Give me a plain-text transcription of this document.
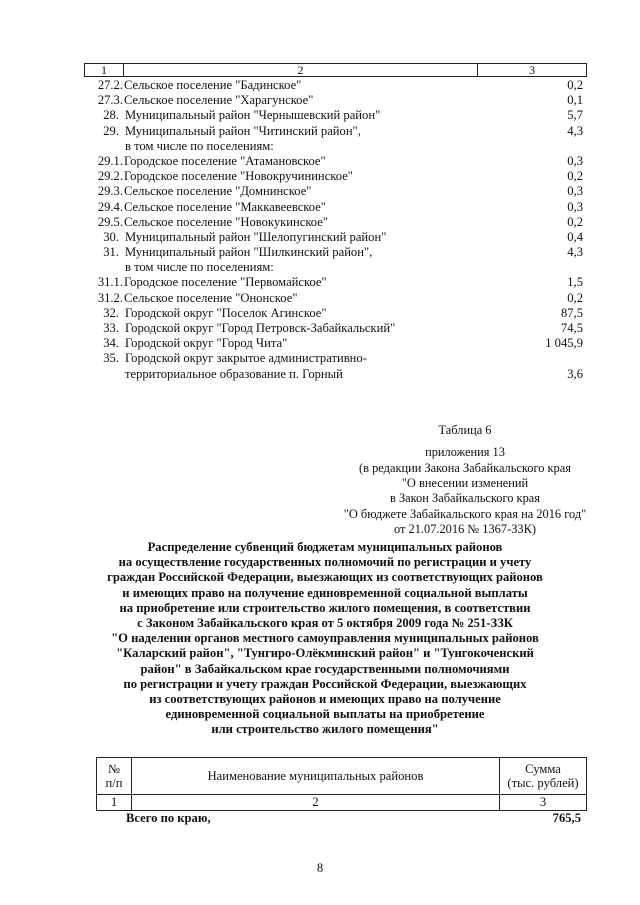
1	2	3
27.2. Сельское поселение "Бадинское"	0,2
27.3. Сельское поселение "Харагунское"	0,1
28. Муниципальный район "Чернышевский район"	5,7
29. Муниципальный район "Читинский район",	4,3
в том числе по поселениям:
29.1. Городское поселение "Атамановское"	0,3
29.2. Городское поселение "Новокручининское"	0,2
29.3. Сельское поселение "Домнинское"	0,3
29.4. Сельское поселение "Маккавеевское"	0,3
29.5. Сельское поселение "Новокукинское"	0,2
30. Муниципальный район "Шелопугинский район"	0,4
31. Муниципальный район "Шилкинский район",	4,3
в том числе по поселениям:
31.1. Городское поселение "Первомайское"	1,5
31.2. Сельское поселение "Ононское"	0,2
32. Городской округ "Поселок Агинское"	87,5
33. Городской округ "Город Петровск-Забайкальский"	74,5
34. Городской округ "Город Чита"	1 045,9
35. Городской округ закрытое административно-
территориальное образование п. Горный	3,6
Таблица 6
приложения 13
(в редакции Закона Забайкальского края
"О внесении изменений
в Закон Забайкальского края
"О бюджете Забайкальского края на 2016 год"
от 21.07.2016 № 1367-ЗЗК)
Распределение субвенций бюджетам муниципальных районов
на осуществление государственных полномочий по регистрации и учету
граждан Российской Федерации, выезжающих из соответствующих районов
и имеющих право на получение единовременной социальной выплаты
на приобретение или строительство жилого помещения, в соответствии
с Законом Забайкальского края от 5 октября 2009 года № 251-ЗЗК
"О наделении органов местного самоуправления муниципальных районов
"Каларский район", "Тунгиро-Олёкминский район" и "Тунгокоченский
район" в Забайкальском крае государственными полномочиями
по регистрации и учету граждан Российской Федерации, выезжающих
из соответствующих районов и имеющих право на получение
единовременной социальной выплаты на приобретение
или строительство жилого помещения"
№
п/п	Наименование муниципальных районов	Сумма
(тыс. рублей)
1	2	3
Всего по краю,	765,5
8
